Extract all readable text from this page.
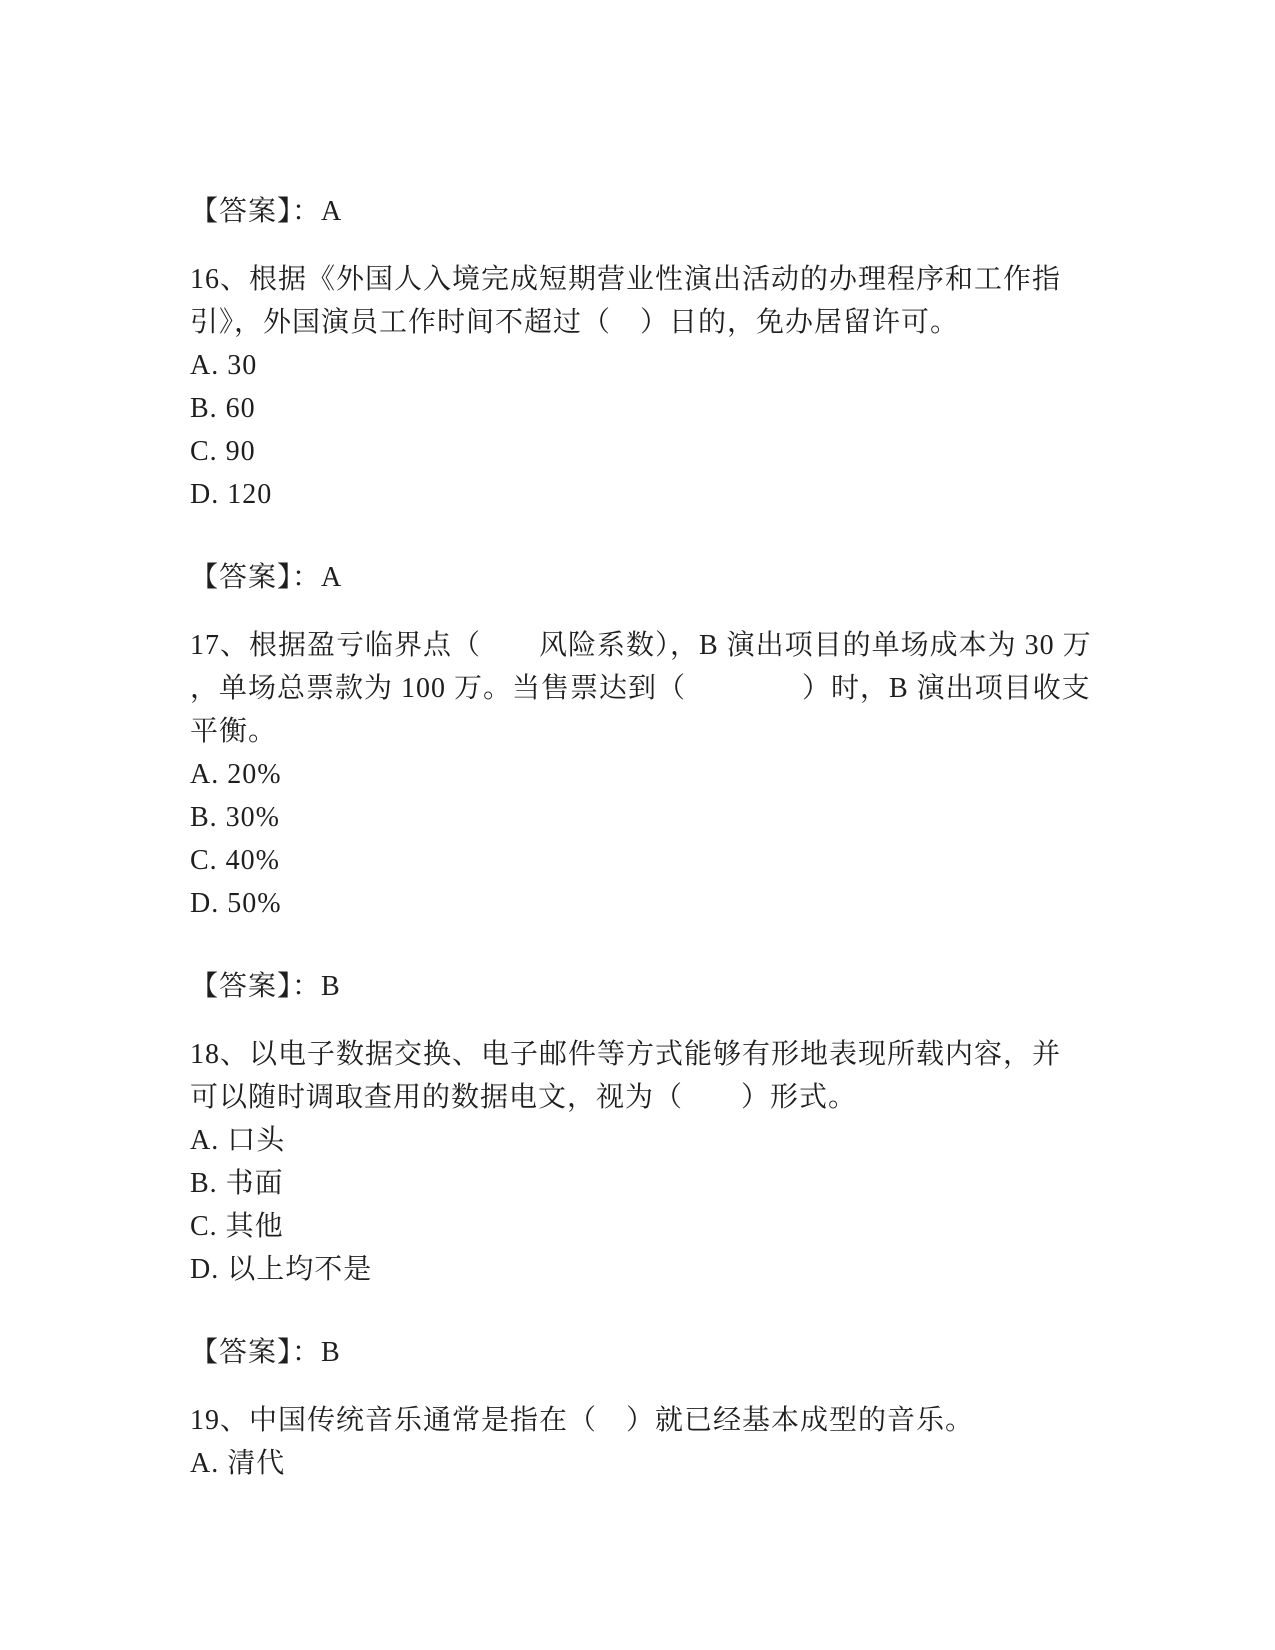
【答案】：A
16、根据《外国人入境完成短期营业性演出活动的办理程序和工作指
引》，外国演员工作时间不超过（　）日的，免办居留许可。
A. 30
B. 60
C. 90
D. 120
【答案】：A
17、根据盈亏临界点（　　风险系数），B 演出项目的单场成本为 30 万
，单场总票款为 100 万。当售票达到（　　　　）时，B 演出项目收支
平衡。
A. 20%
B. 30%
C. 40%
D. 50%
【答案】：B
18、以电子数据交换、电子邮件等方式能够有形地表现所载内容，并
可以随时调取查用的数据电文，视为（　　）形式。
A. 口头
B. 书面
C. 其他
D. 以上均不是
【答案】：B
19、中国传统音乐通常是指在（　）就已经基本成型的音乐。
A. 清代
